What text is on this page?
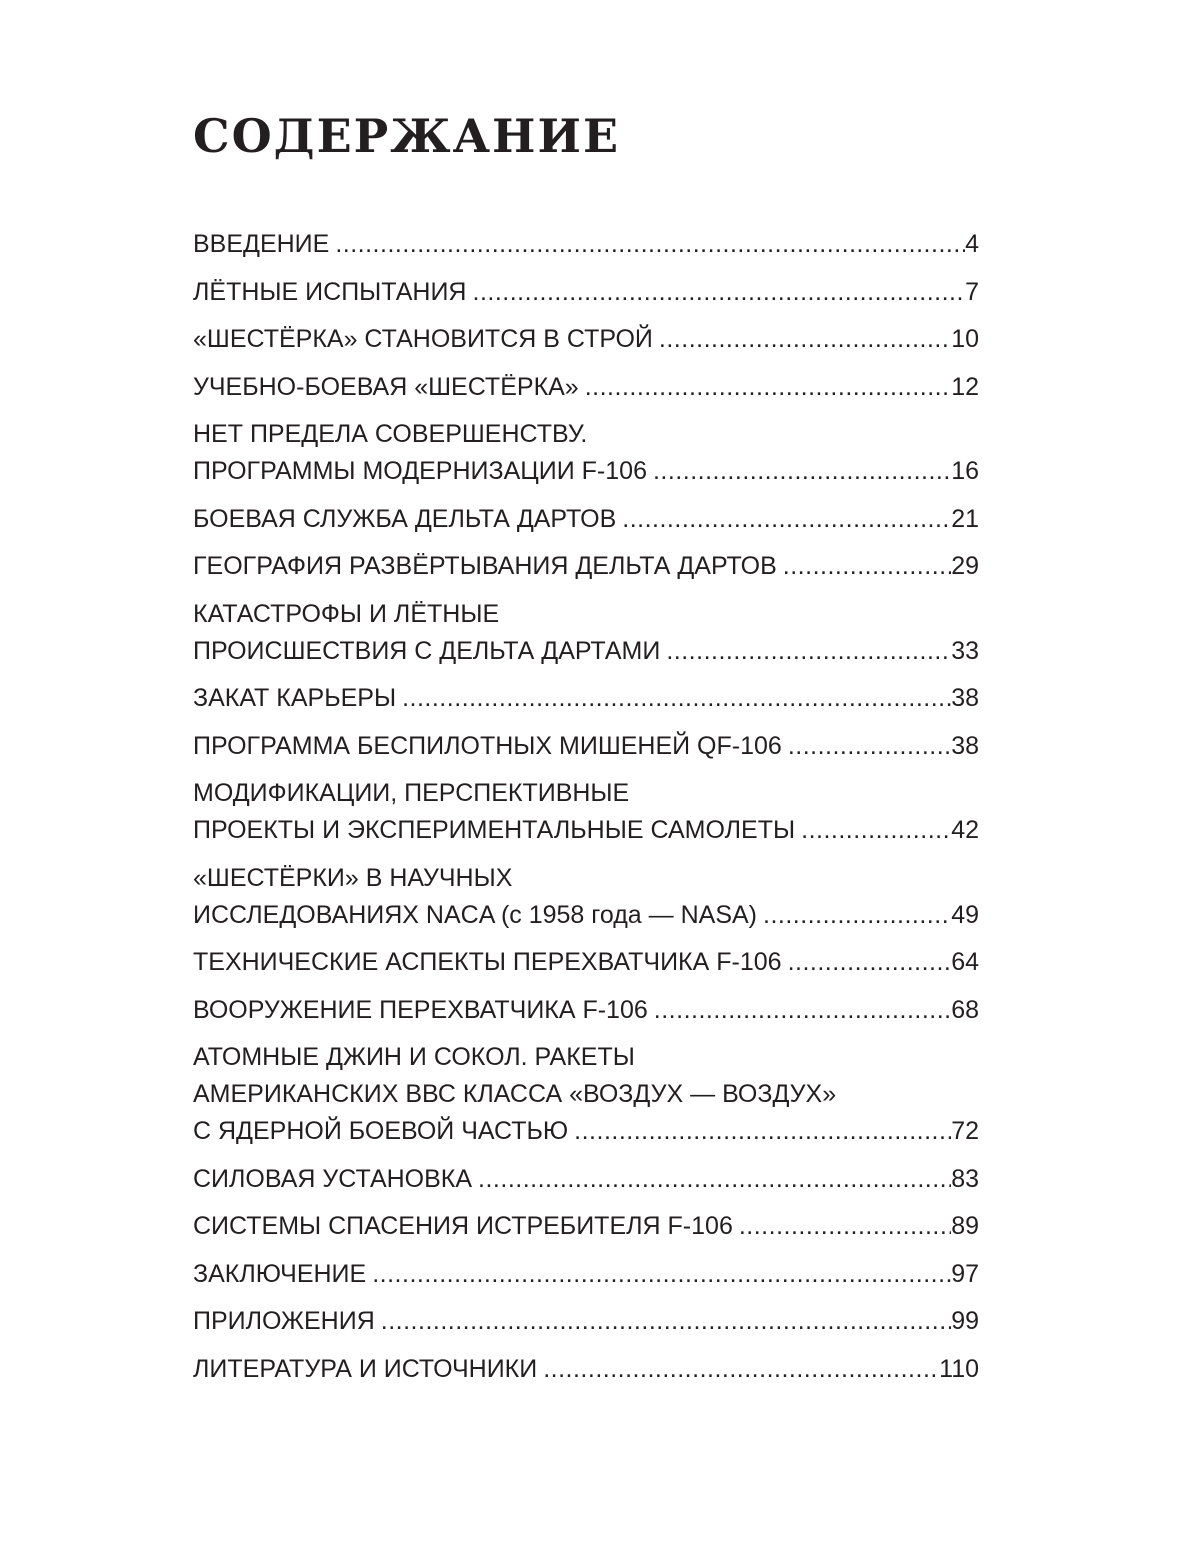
СОДЕРЖАНИЕ
ВВЕДЕНИЕ .....	4
ЛЁТНЫЕ ИСПЫТАНИЯ .....	7
«ШЕСТЁРКА» СТАНОВИТСЯ В СТРОЙ .....	10
УЧЕБНО-БОЕВАЯ «ШЕСТЁРКА» .....	12
НЕТ ПРЕДЕЛА СОВЕРШЕНСТВУ.
ПРОГРАММЫ МОДЕРНИЗАЦИИ F-106 .....	16
БОЕВАЯ СЛУЖБА ДЕЛЬТА ДАРТОВ .....	21
ГЕОГРАФИЯ РАЗВЁРТЫВАНИЯ ДЕЛЬТА ДАРТОВ .....	29
КАТАСТРОФЫ И ЛЁТНЫЕ
ПРОИСШЕСТВИЯ С ДЕЛЬТА ДАРТАМИ .....	33
ЗАКАТ КАРЬЕРЫ .....	38
ПРОГРАММА БЕСПИЛОТНЫХ МИШЕНЕЙ QF-106 .....	38
МОДИФИКАЦИИ, ПЕРСПЕКТИВНЫЕ
ПРОЕКТЫ И ЭКСПЕРИМЕНТАЛЬНЫЕ САМОЛЕТЫ .....	42
«ШЕСТЁРКИ» В НАУЧНЫХ
ИССЛЕДОВАНИЯХ NACA (с 1958 года — NASA) .....	49
ТЕХНИЧЕСКИЕ АСПЕКТЫ ПЕРЕХВАТЧИКА F-106 .....	64
ВООРУЖЕНИЕ ПЕРЕХВАТЧИКА F-106 .....	68
АТОМНЫЕ ДЖИН И СОКОЛ. РАКЕТЫ
АМЕРИКАНСКИХ ВВС КЛАССА «ВОЗДУХ — ВОЗДУХ»
С ЯДЕРНОЙ БОЕВОЙ ЧАСТЬЮ .....	72
СИЛОВАЯ УСТАНОВКА .....	83
СИСТЕМЫ СПАСЕНИЯ ИСТРЕБИТЕЛЯ F-106 .....	89
ЗАКЛЮЧЕНИЕ .....	97
ПРИЛОЖЕНИЯ .....	99
ЛИТЕРАТУРА И ИСТОЧНИКИ .....	110
